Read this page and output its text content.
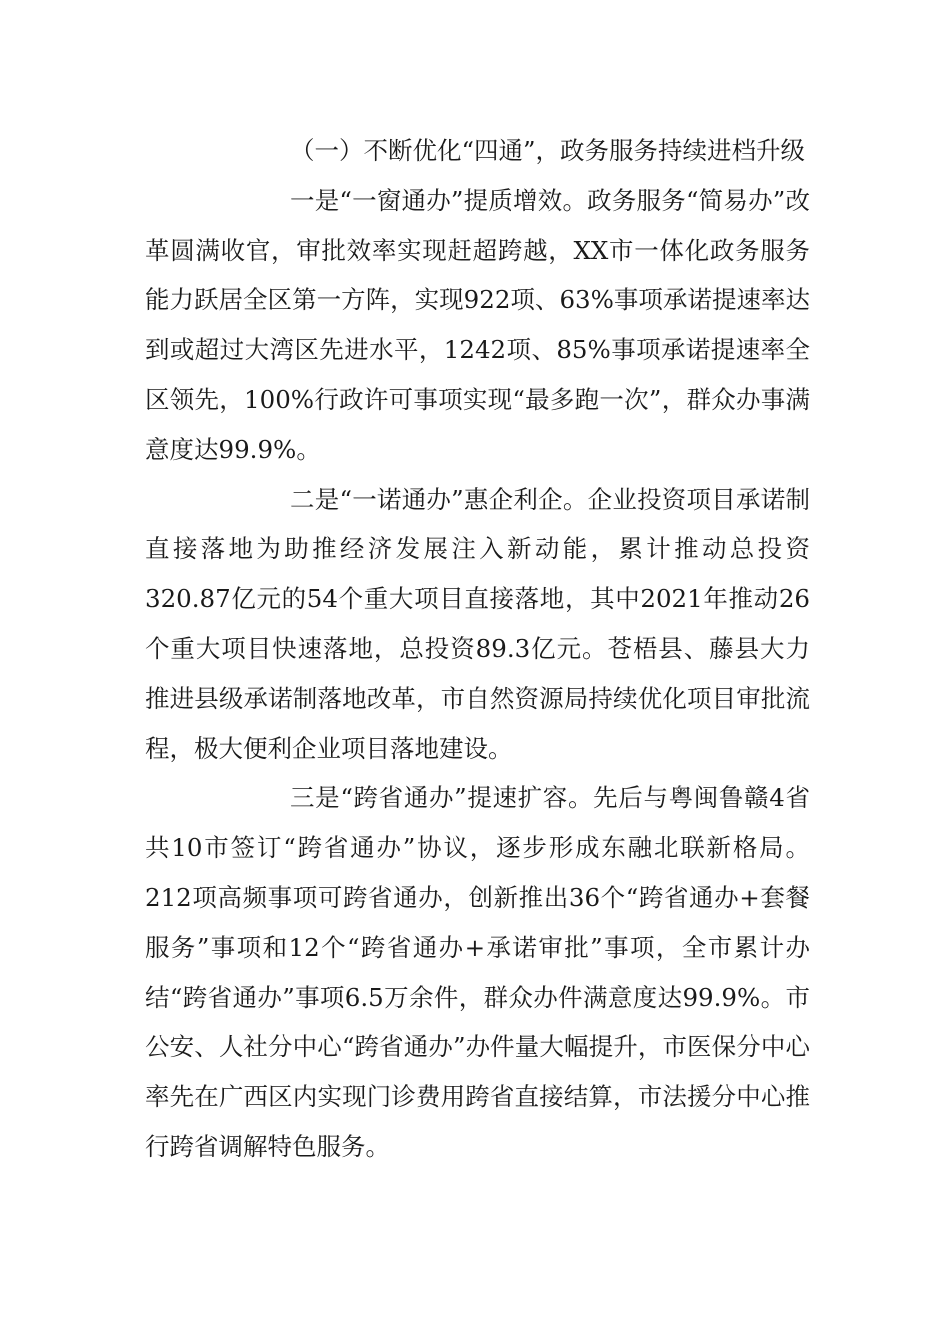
（一）不断优化“四通”，政务服务持续进档升级

一是“一窗通办”提质增效。政务服务“简易办”改革圆满收官，审批效率实现赶超跨越，XX市一体化政务服务能力跃居全区第一方阵，实现922项、63%事项承诺提速率达到或超过大湾区先进水平，1242项、85%事项承诺提速率全区领先，100%行政许可事项实现“最多跑一次”，群众办事满意度达99.9%。

二是“一诺通办”惠企利企。企业投资项目承诺制直接落地为助推经济发展注入新动能，累计推动总投资320.87亿元的54个重大项目直接落地，其中2021年推动26个重大项目快速落地，总投资89.3亿元。苍梧县、藤县大力推进县级承诺制落地改革，市自然资源局持续优化项目审批流程，极大便利企业项目落地建设。

三是“跨省通办”提速扩容。先后与粤闽鲁赣4省共10市签订“跨省通办”协议，逐步形成东融北联新格局。212项高频事项可跨省通办，创新推出36个“跨省通办+套餐服务”事项和12个“跨省通办+承诺审批”事项，全市累计办结“跨省通办”事项6.5万余件，群众办件满意度达99.9%。市公安、人社分中心“跨省通办”办件量大幅提升，市医保分中心率先在广西区内实现门诊费用跨省直接结算，市法援分中心推行跨省调解特色服务。
